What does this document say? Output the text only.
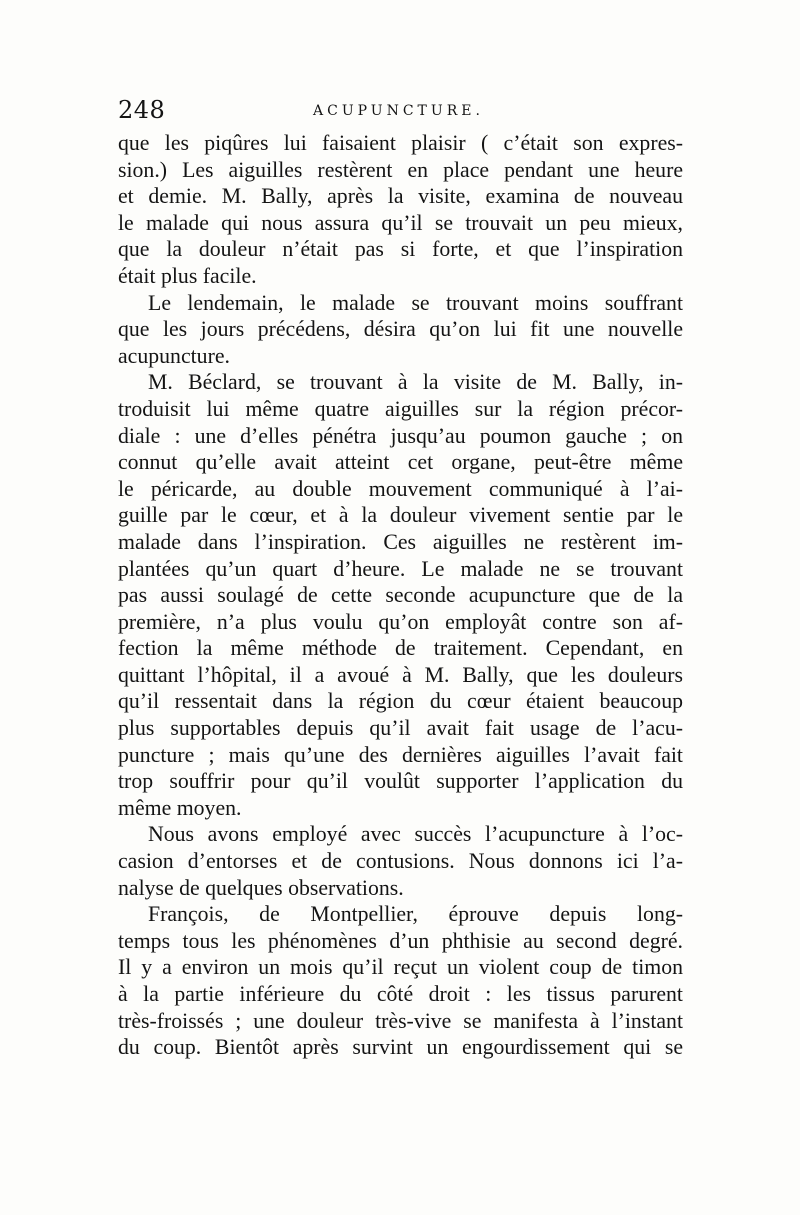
248	ACUPUNCTURE.
que les piqûres lui faisaient plaisir ( c’était son expres-
sion.) Les aiguilles restèrent en place pendant une heure
et demie. M. Bally, après la visite, examina de nouveau
le malade qui nous assura qu’il se trouvait un peu mieux,
que la douleur n’était pas si forte, et que l’inspiration
était plus facile.
Le lendemain, le malade se trouvant moins souffrant
que les jours précédens, désira qu’on lui fit une nouvelle
acupuncture.
M. Béclard, se trouvant à la visite de M. Bally, in-
troduisit lui même quatre aiguilles sur la région précor-
diale : une d’elles pénétra jusqu’au poumon gauche ; on
connut qu’elle avait atteint cet organe, peut-être même
le péricarde, au double mouvement communiqué à l’ai-
guille par le cœur, et à la douleur vivement sentie par le
malade dans l’inspiration. Ces aiguilles ne restèrent im-
plantées qu’un quart d’heure. Le malade ne se trouvant
pas aussi soulagé de cette seconde acupuncture que de la
première, n’a plus voulu qu’on employât contre son af-
fection la même méthode de traitement. Cependant, en
quittant l’hôpital, il a avoué à M. Bally, que les douleurs
qu’il ressentait dans la région du cœur étaient beaucoup
plus supportables depuis qu’il avait fait usage de l’acu-
puncture ; mais qu’une des dernières aiguilles l’avait fait
trop souffrir pour qu’il voulût supporter l’application du
même moyen.
Nous avons employé avec succès l’acupuncture à l’oc-
casion d’entorses et de contusions. Nous donnons ici l’a-
nalyse de quelques observations.
François, de Montpellier, éprouve depuis long-
temps tous les phénomènes d’un phthisie au second degré.
Il y a environ un mois qu’il reçut un violent coup de timon
à la partie inférieure du côté droit : les tissus parurent
très-froissés ; une douleur très-vive se manifesta à l’instant
du coup. Bientôt après survint un engourdissement qui se
